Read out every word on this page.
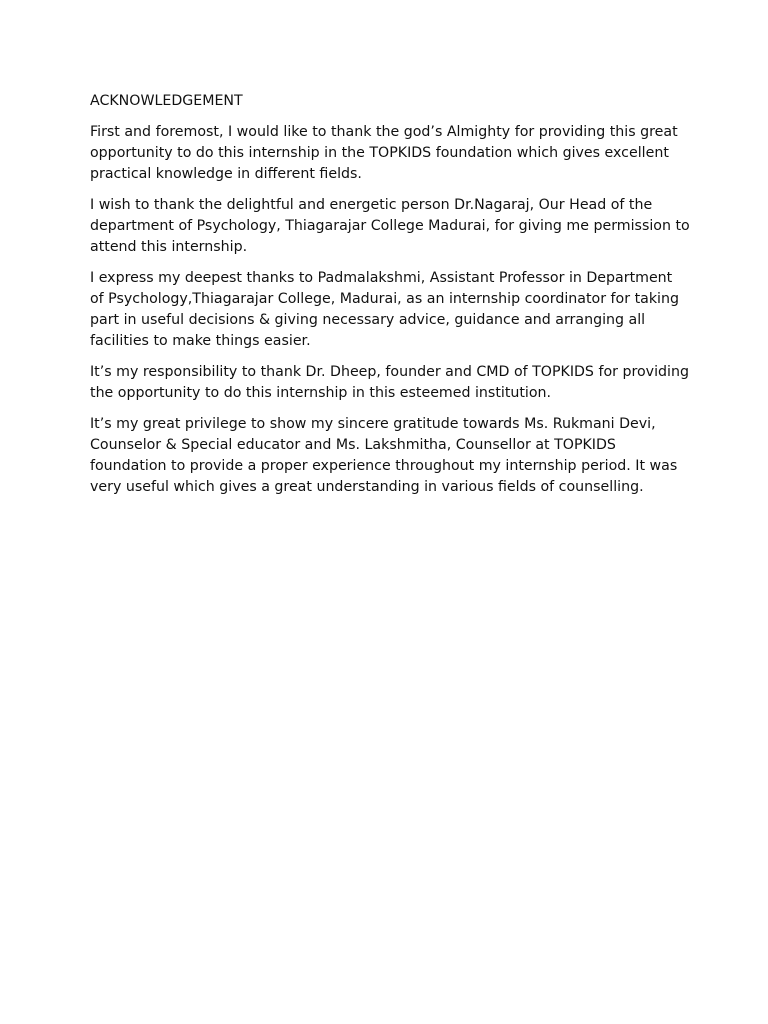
ACKNOWLEDGEMENT

First and foremost, I would like to thank the god’s Almighty for providing this great opportunity to do this internship in the TOPKIDS foundation which gives excellent practical knowledge in different fields.

I wish to thank the delightful and energetic person Dr.Nagaraj, Our Head of the department of Psychology, Thiagarajar College Madurai, for giving me permission to attend this internship.

I express my deepest thanks to Padmalakshmi, Assistant Professor in Department of Psychology,Thiagarajar College, Madurai, as an internship coordinator for taking part in useful decisions & giving necessary advice, guidance and arranging all facilities to make things easier.

It’s my responsibility to thank Dr. Dheep, founder and CMD of TOPKIDS for providing the opportunity to do this internship in this esteemed institution.

It’s my great privilege to show my sincere gratitude towards Ms. Rukmani Devi, Counselor & Special educator and Ms. Lakshmitha, Counsellor at TOPKIDS foundation to provide a proper experience throughout my internship period. It was very useful which gives a great understanding in various fields of counselling.
